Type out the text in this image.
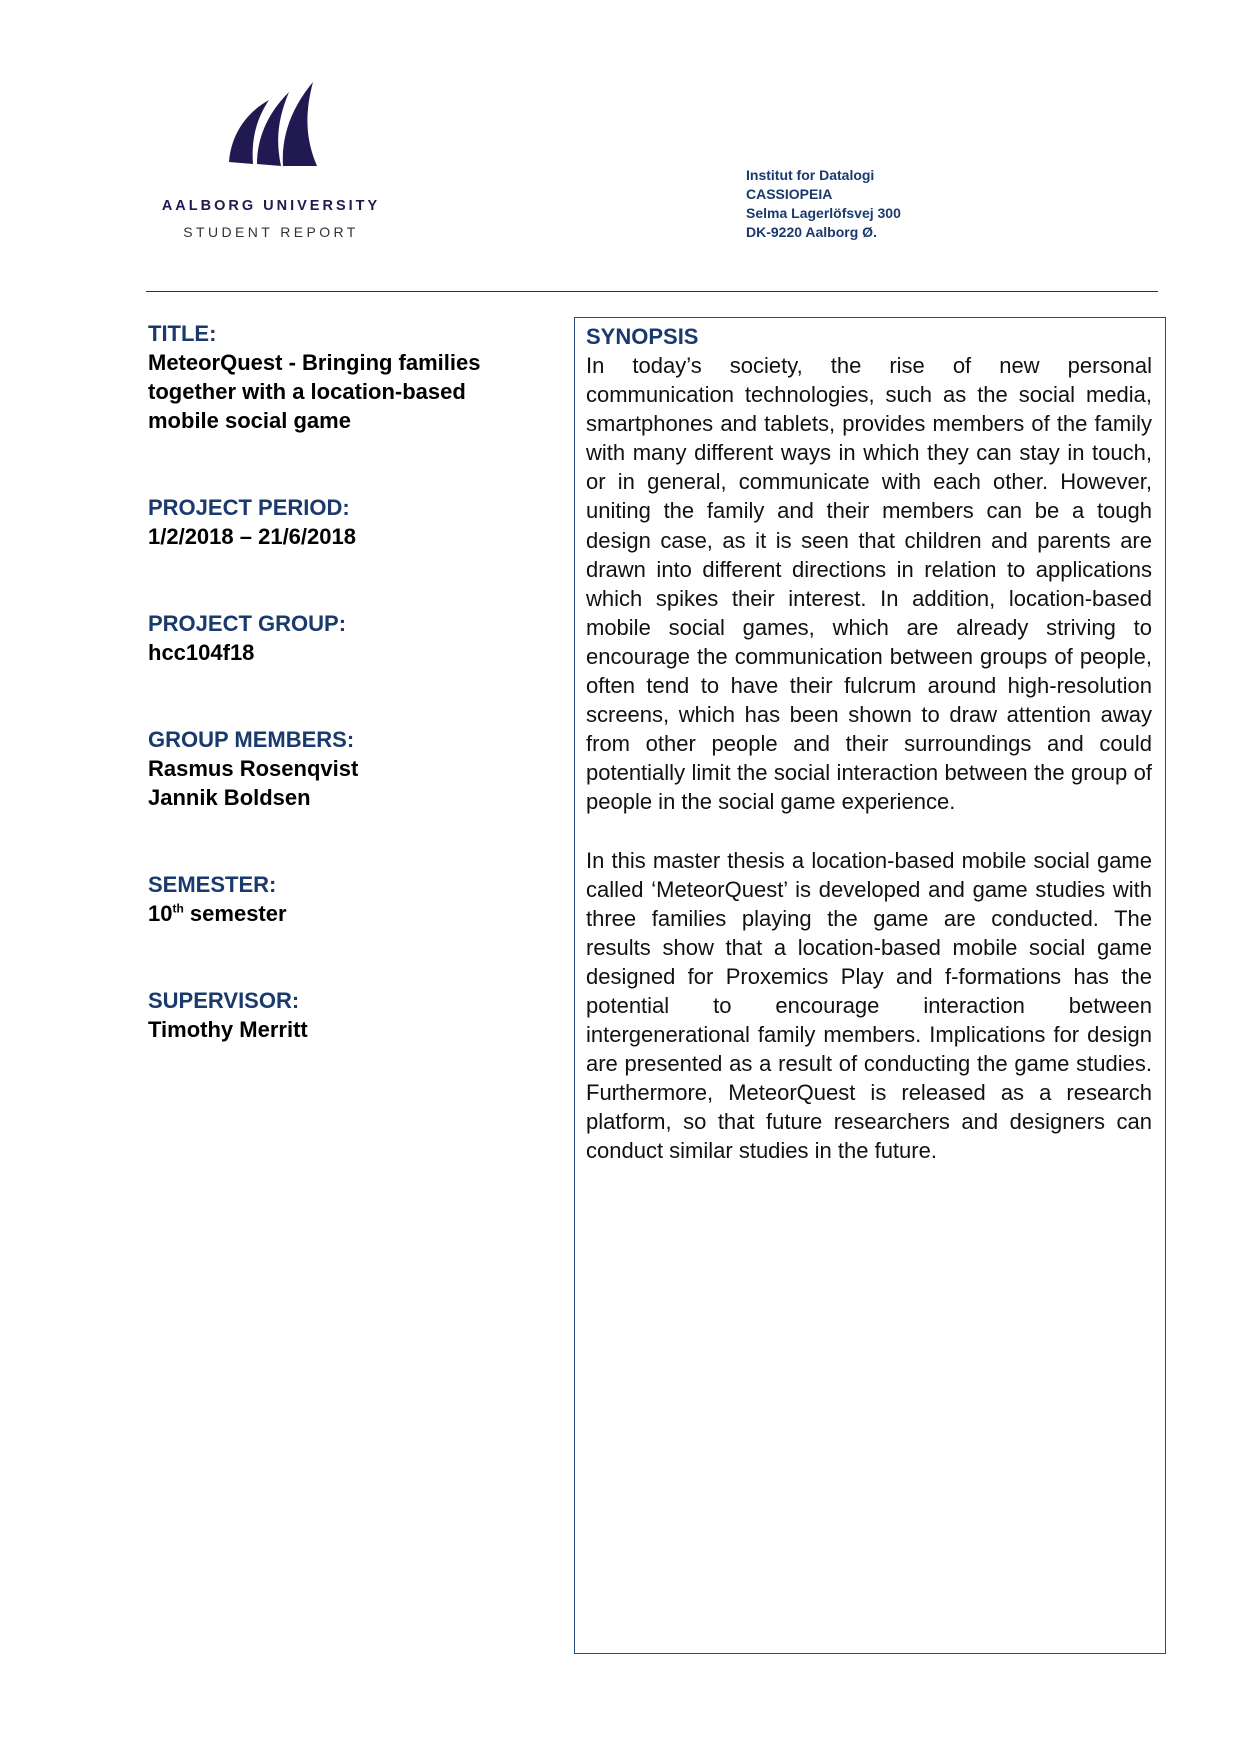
AALBORG UNIVERSITY
STUDENT REPORT
Institut for Datalogi
CASSIOPEIA
Selma Lagerlöfsvej 300
DK-9220 Aalborg Ø.

TITLE:

MeteorQuest - Bringing families

together with a location-based

mobile social game

PROJECT PERIOD:

1/2/2018 – 21/6/2018

PROJECT GROUP:

hcc104f18

GROUP MEMBERS:

Rasmus Rosenqvist

Jannik Boldsen

SEMESTER:

10th semester

SUPERVISOR:

Timothy Merritt

SYNOPSIS

In today’s society, the rise of new personal communication technologies, such as the social media, smartphones and tablets, provides members of the family with many different ways in which they can stay in touch, or in general, communicate with each other. However, uniting the family and their members can be a tough design case, as it is seen that children and parents are drawn into different directions in relation to applications which spikes their interest. In addition, location-based mobile social games, which are already striving to encourage the communication between groups of people, often tend to have their fulcrum around high-resolution screens, which has been shown to draw attention away from other people and their surroundings and could potentially limit the social interaction between the group of people in the social game experience.

In this master thesis a location-based mobile social game called ‘MeteorQuest’ is developed and game studies with three families playing the game are conducted. The results show that a location-based mobile social game designed for Proxemics Play and f-formations has the potential to encourage interaction between intergenerational family members. Implications for design are presented as a result of conducting the game studies. Furthermore, MeteorQuest is released as a research platform, so that future researchers and designers can conduct similar studies in the future.
